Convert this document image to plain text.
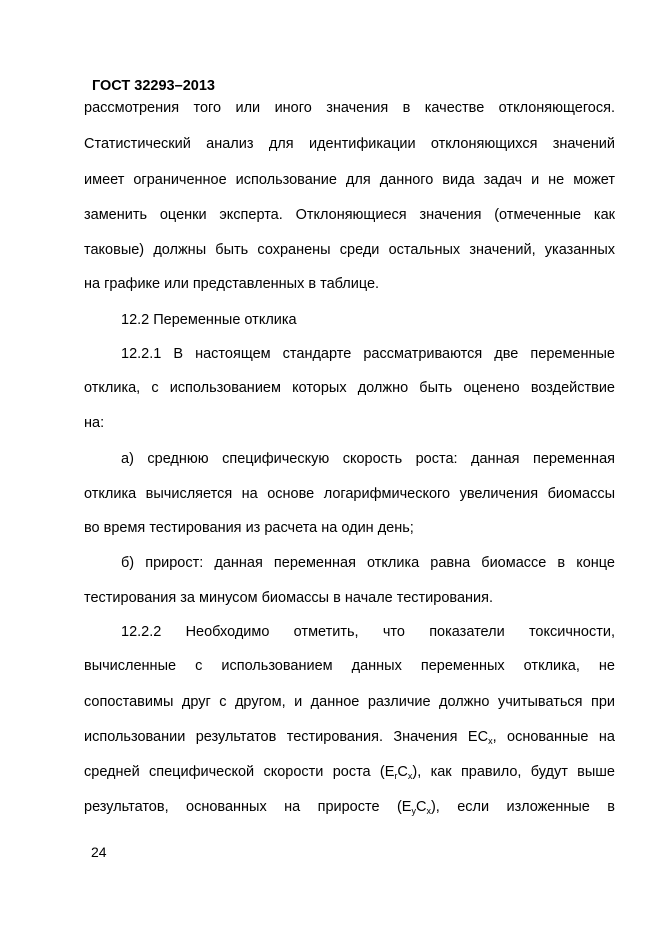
ГОСТ 32293–2013
рассмотрения того или иного значения в качестве отклоняющегося.
Статистический анализ для идентификации отклоняющихся значений
имеет ограниченное использование для данного вида задач и не может
заменить оценки эксперта. Отклоняющиеся значения (отмеченные как
таковые) должны быть сохранены среди остальных значений, указанных
на графике или представленных в таблице.
12.2 Переменные отклика
12.2.1 В настоящем стандарте рассматриваются две переменные
отклика, с использованием которых должно быть оценено воздействие
на:
а) среднюю специфическую скорость роста: данная переменная
отклика вычисляется на основе логарифмического увеличения биомассы
во время тестирования из расчета на один день;
б) прирост: данная переменная отклика равна биомассе в конце
тестирования за минусом биомассы в начале тестирования.
12.2.2 Необходимо отметить, что показатели токсичности,
вычисленные с использованием данных переменных отклика, не
сопоставимы друг с другом, и данное различие должно учитываться при
использовании результатов тестирования. Значения $EC_x$, основанные на
средней специфической скорости роста $(E_rC_x)$, как правило, будут выше
результатов, основанных на приросте $(E_yC_x)$, если изложенные в
24
